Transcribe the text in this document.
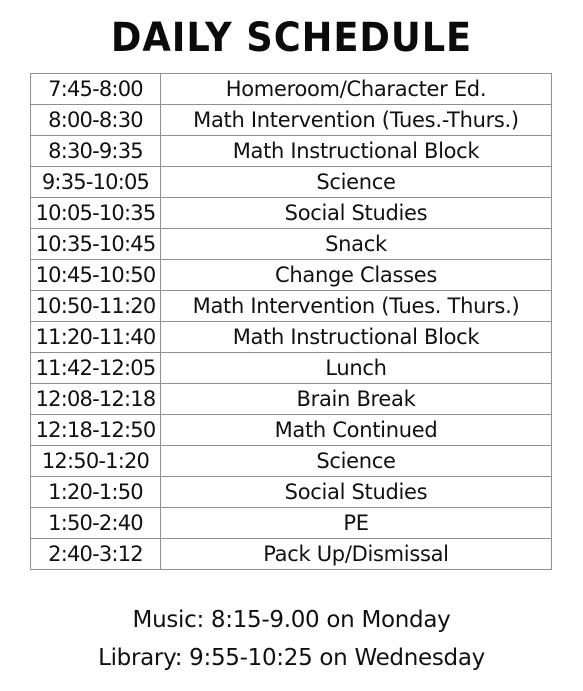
DAILY SCHEDULE
7:45-8:00	Homeroom/Character Ed.
8:00-8:30	Math Intervention (Tues.-Thurs.)
8:30-9:35	Math Instructional Block
9:35-10:05	Science
10:05-10:35	Social Studies
10:35-10:45	Snack
10:45-10:50	Change Classes
10:50-11:20	Math Intervention (Tues. Thurs.)
11:20-11:40	Math Instructional Block
11:42-12:05	Lunch
12:08-12:18	Brain Break
12:18-12:50	Math Continued
12:50-1:20	Science
1:20-1:50	Social Studies
1:50-2:40	PE
2:40-3:12	Pack Up/Dismissal
Music: 8:15-9.00 on Monday
Library: 9:55-10:25 on Wednesday
